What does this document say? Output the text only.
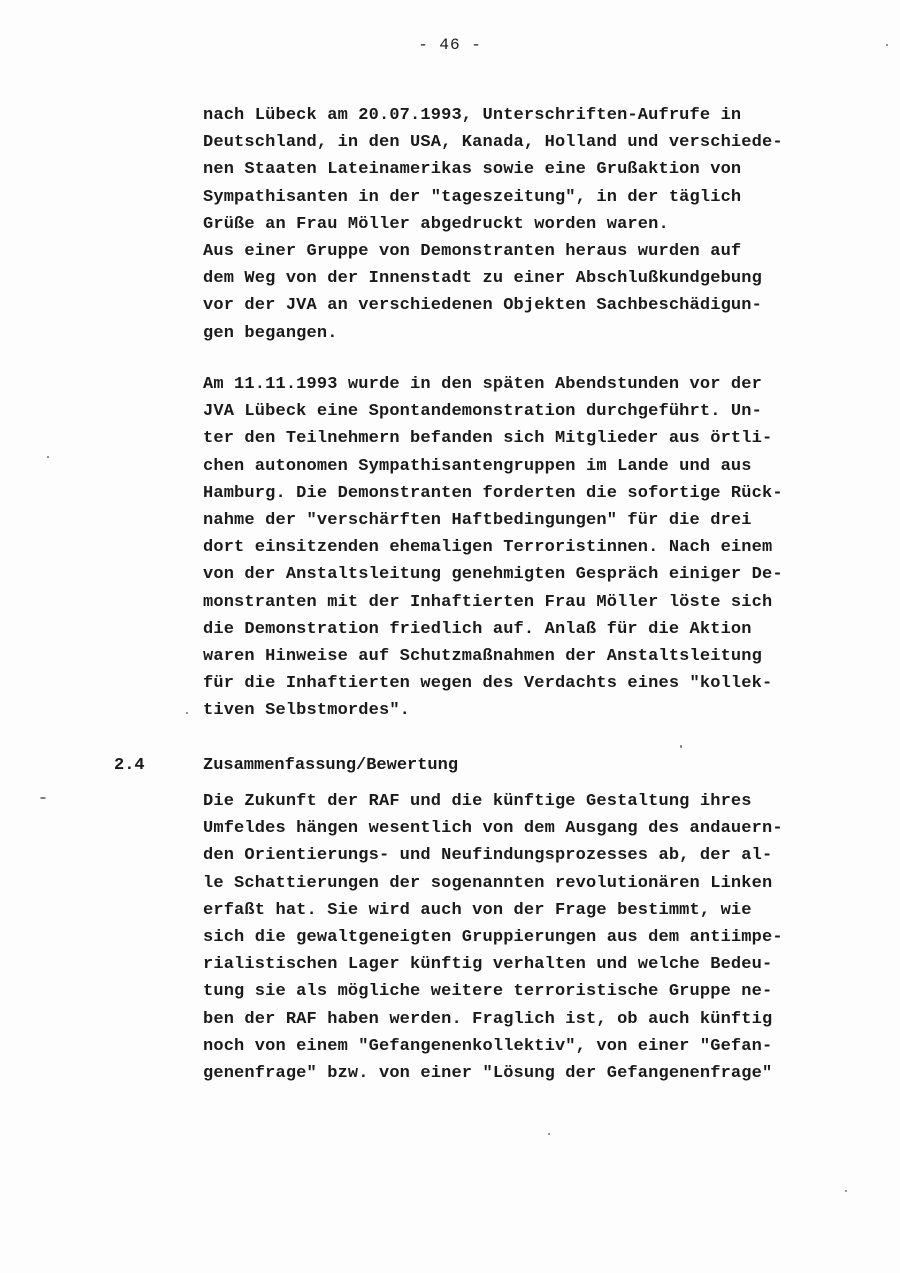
- 46 -
nach Lübeck am 20.07.1993, Unterschriften-Aufrufe in
Deutschland, in den USA, Kanada, Holland und verschiede-
nen Staaten Lateinamerikas sowie eine Grußaktion von
Sympathisanten in der "tageszeitung", in der täglich
Grüße an Frau Möller abgedruckt worden waren.
Aus einer Gruppe von Demonstranten heraus wurden auf
dem Weg von der Innenstadt zu einer Abschlußkundgebung
vor der JVA an verschiedenen Objekten Sachbeschädigun-
gen begangen.
Am 11.11.1993 wurde in den späten Abendstunden vor der
JVA Lübeck eine Spontandemonstration durchgeführt. Un-
ter den Teilnehmern befanden sich Mitglieder aus örtli-
chen autonomen Sympathisantengruppen im Lande und aus
Hamburg. Die Demonstranten forderten die sofortige Rück-
nahme der "verschärften Haftbedingungen" für die drei
dort einsitzenden ehemaligen Terroristinnen. Nach einem
von der Anstaltsleitung genehmigten Gespräch einiger De-
monstranten mit der Inhaftierten Frau Möller löste sich
die Demonstration friedlich auf. Anlaß für die Aktion
waren Hinweise auf Schutzmaßnahmen der Anstaltsleitung
für die Inhaftierten wegen des Verdachts eines "kollek-
tiven Selbstmordes".
2.4	Zusammenfassung/Bewertung
Die Zukunft der RAF und die künftige Gestaltung ihres
Umfeldes hängen wesentlich von dem Ausgang des andauern-
den Orientierungs- und Neufindungsprozesses ab, der al-
le Schattierungen der sogenannten revolutionären Linken
erfaßt hat. Sie wird auch von der Frage bestimmt, wie
sich die gewaltgeneigten Gruppierungen aus dem antiimpe-
rialistischen Lager künftig verhalten und welche Bedeu-
tung sie als mögliche weitere terroristische Gruppe ne-
ben der RAF haben werden. Fraglich ist, ob auch künftig
noch von einem "Gefangenenkollektiv", von einer "Gefan-
genenfrage" bzw. von einer "Lösung der Gefangenenfrage"
